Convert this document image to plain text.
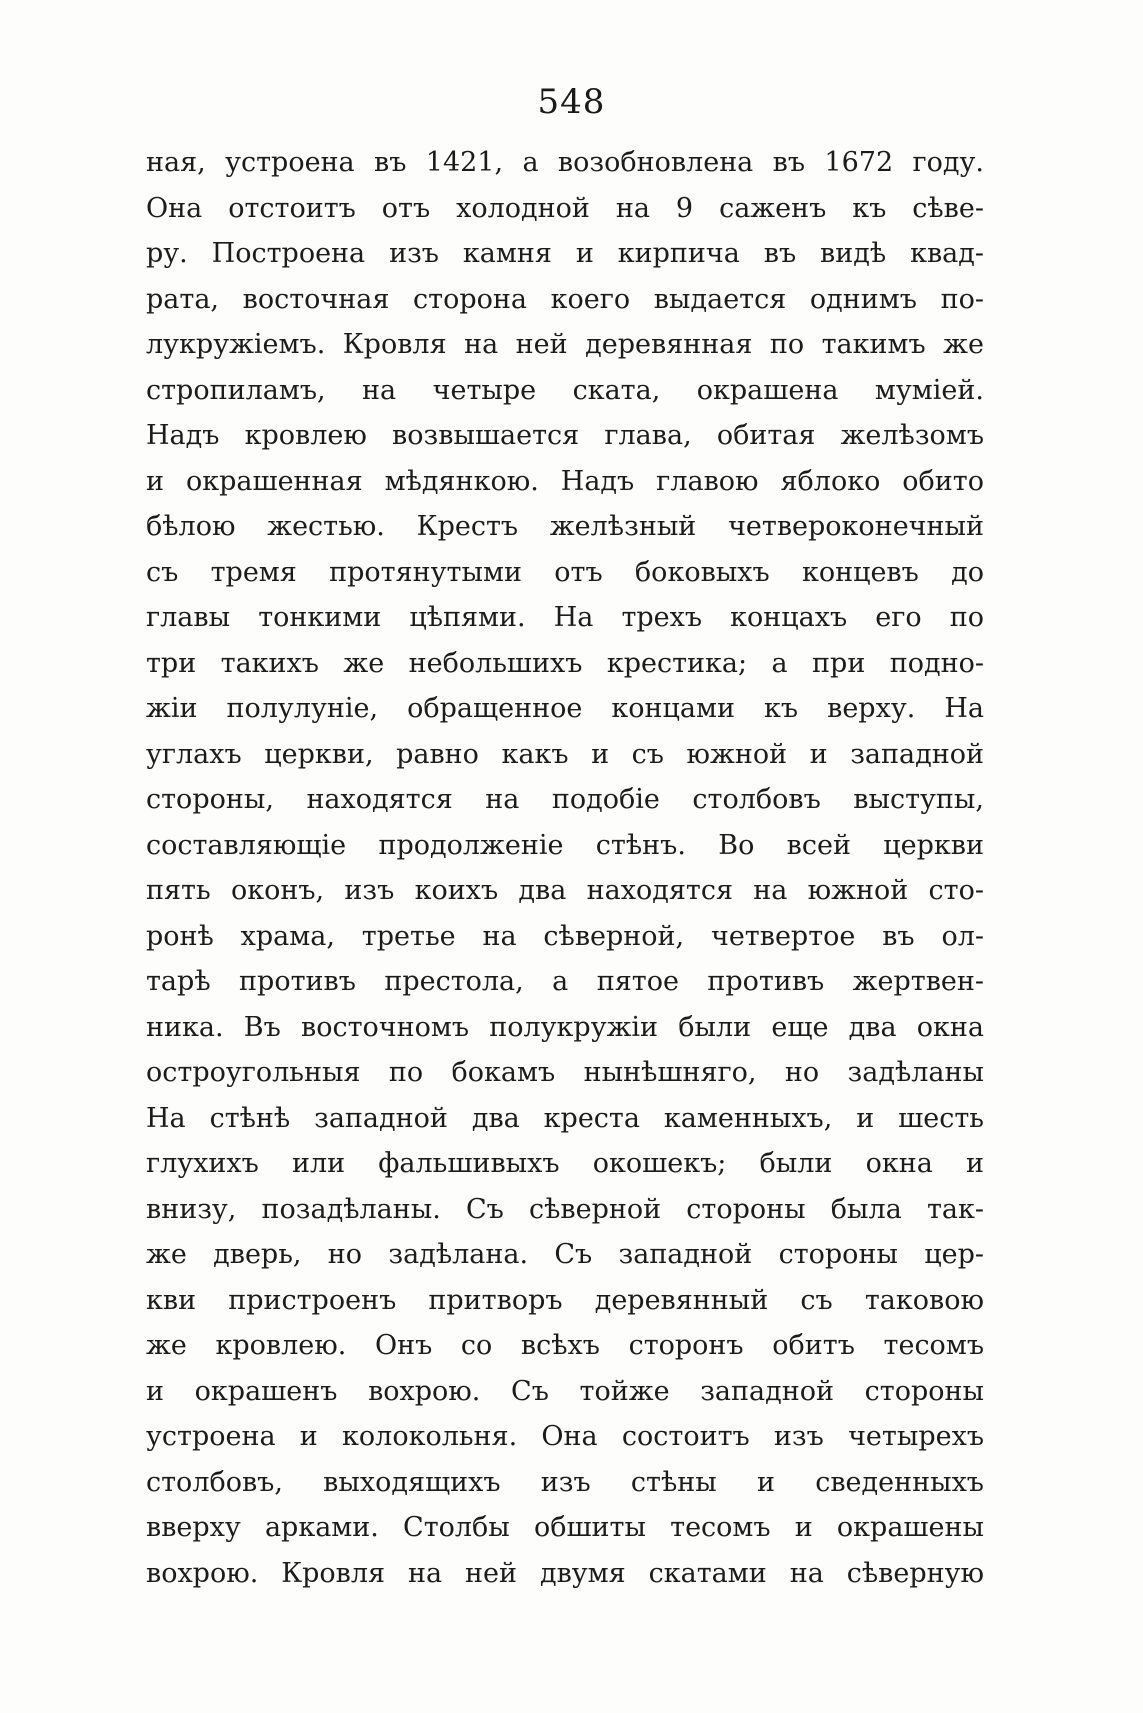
548
ная, устроена въ 1421, а возобновлена въ 1672 году.
Она отстоитъ отъ холодной на 9 саженъ къ сѣве-
ру. Построена изъ камня и кирпича въ видѣ квад-
рата, восточная сторона коего выдается однимъ по-
лукружіемъ. Кровля на ней деревянная по такимъ же
стропиламъ, на четыре ската, окрашена муміей.
Надъ кровлею возвышается глава, обитая желѣзомъ
и окрашенная мѣдянкою. Надъ главою яблоко обито
бѣлою жестью. Крестъ желѣзный четвероконечный
съ тремя протянутыми отъ боковыхъ концевъ до
главы тонкими цѣпями. На трехъ концахъ его по
три такихъ же небольшихъ крестика; а при подно-
жіи полулуніе, обращенное концами къ верху. На
углахъ церкви, равно какъ и съ южной и западной
стороны, находятся на подобіе столбовъ выступы,
составляющіе продолженіе стѣнъ. Во всей церкви
пять оконъ, изъ коихъ два находятся на южной сто-
ронѣ храма, третье на сѣверной, четвертое въ ол-
тарѣ противъ престола, а пятое противъ жертвен-
ника. Въ восточномъ полукружіи были еще два окна
остроугольныя по бокамъ нынѣшняго, но задѣланы
На стѣнѣ западной два креста каменныхъ, и шесть
глухихъ или фальшивыхъ окошекъ; были окна и
внизу, позадѣланы. Съ сѣверной стороны была так-
же дверь, но задѣлана. Съ западной стороны цер-
кви пристроенъ притворъ деревянный съ таковою
же кровлею. Онъ со всѣхъ сторонъ обитъ тесомъ
и окрашенъ вохрою. Съ тойже западной стороны
устроена и колокольня. Она состоитъ изъ четырехъ
столбовъ, выходящихъ изъ стѣны и сведенныхъ
вверху арками. Столбы обшиты тесомъ и окрашены
вохрою. Кровля на ней двумя скатами на сѣверную
